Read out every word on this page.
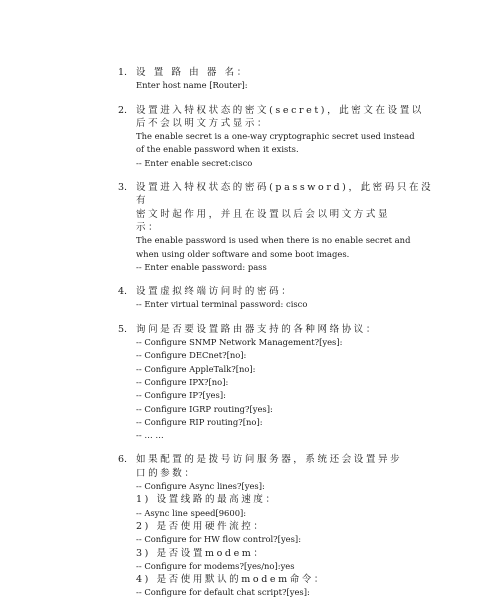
1. 设 置 路 由 器 名：

Enter host name [Router]:

2. 设置进入特权状态的密文(secret)，此密文在设置以

后不会以明文方式显示：

The enable secret is a one-way cryptographic secret used instead

of the enable password when it exists.

-- Enter enable secret:cisco

3. 设置进入特权状态的密码(password)，此密码只在没有

密文时起作用，并且在设置以后会以明文方式显

示：

The enable password is used when there is no enable secret and

when using older software and some boot images.

-- Enter enable password: pass

4. 设置虚拟终端访问时的密码：

-- Enter virtual terminal password: cisco

5. 询问是否要设置路由器支持的各种网络协议：

-- Configure SNMP Network Management?[yes]:

-- Configure DECnet?[no]:

-- Configure AppleTalk?[no]:

-- Configure IPX?[no]:

-- Configure IP?[yes]:

-- Configure IGRP routing?[yes]:

-- Configure RIP routing?[no]:

-- … …

6. 如果配置的是拨号访问服务器，系统还会设置异步

口的参数：

-- Configure Async lines?[yes]:

1) 设置线路的最高速度：

-- Async line speed[9600]:

2) 是否使用硬件流控：

-- Configure for HW flow control?[yes]:

3) 是否设置modem：

-- Configure for modems?[yes/no]:yes

4) 是否使用默认的modem命令：

-- Configure for default chat script?[yes]:
